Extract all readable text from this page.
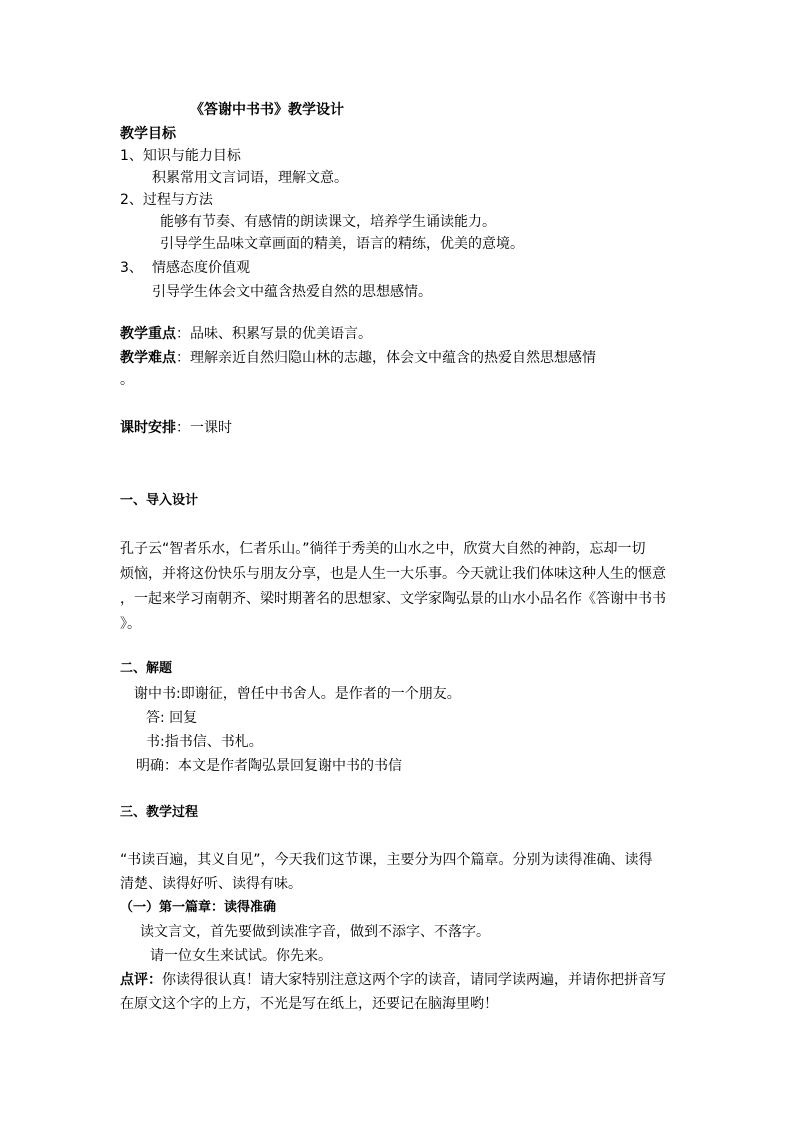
《答谢中书书》教学设计
教学目标
1、知识与能力目标
积累常用文言词语，理解文意。
2、过程与方法
能够有节奏、有感情的朗读课文，培养学生诵读能力。
引导学生品味文章画面的精美，语言的精练，优美的意境。
3、 情感态度价值观
引导学生体会文中蕴含热爱自然的思想感情。
教学重点：品味、积累写景的优美语言。
教学难点：理解亲近自然归隐山林的志趣，体会文中蕴含的热爱自然思想感情
。
课时安排：一课时
一、导入设计
孔子云“智者乐水，仁者乐山。”徜徉于秀美的山水之中，欣赏大自然的神韵，忘却一切
烦恼，并将这份快乐与朋友分享，也是人生一大乐事。今天就让我们体味这种人生的惬意
，一起来学习南朝齐、梁时期著名的思想家、文学家陶弘景的山水小品名作《答谢中书书
》。
二、解题
谢中书:即谢征，曾任中书舍人。是作者的一个朋友。
答: 回复
书:指书信、书札。
明确：本文是作者陶弘景回复谢中书的书信
三、教学过程
“书读百遍，其义自见”，今天我们这节课，主要分为四个篇章。分别为读得准确、读得
清楚、读得好听、读得有味。
（一）第一篇章：读得准确
读文言文，首先要做到读准字音，做到不添字、不落字。
请一位女生来试试。你先来。
点评：你读得很认真！请大家特别注意这两个字的读音，请同学读两遍，并请你把拼音写
在原文这个字的上方，不光是写在纸上，还要记在脑海里哟！
